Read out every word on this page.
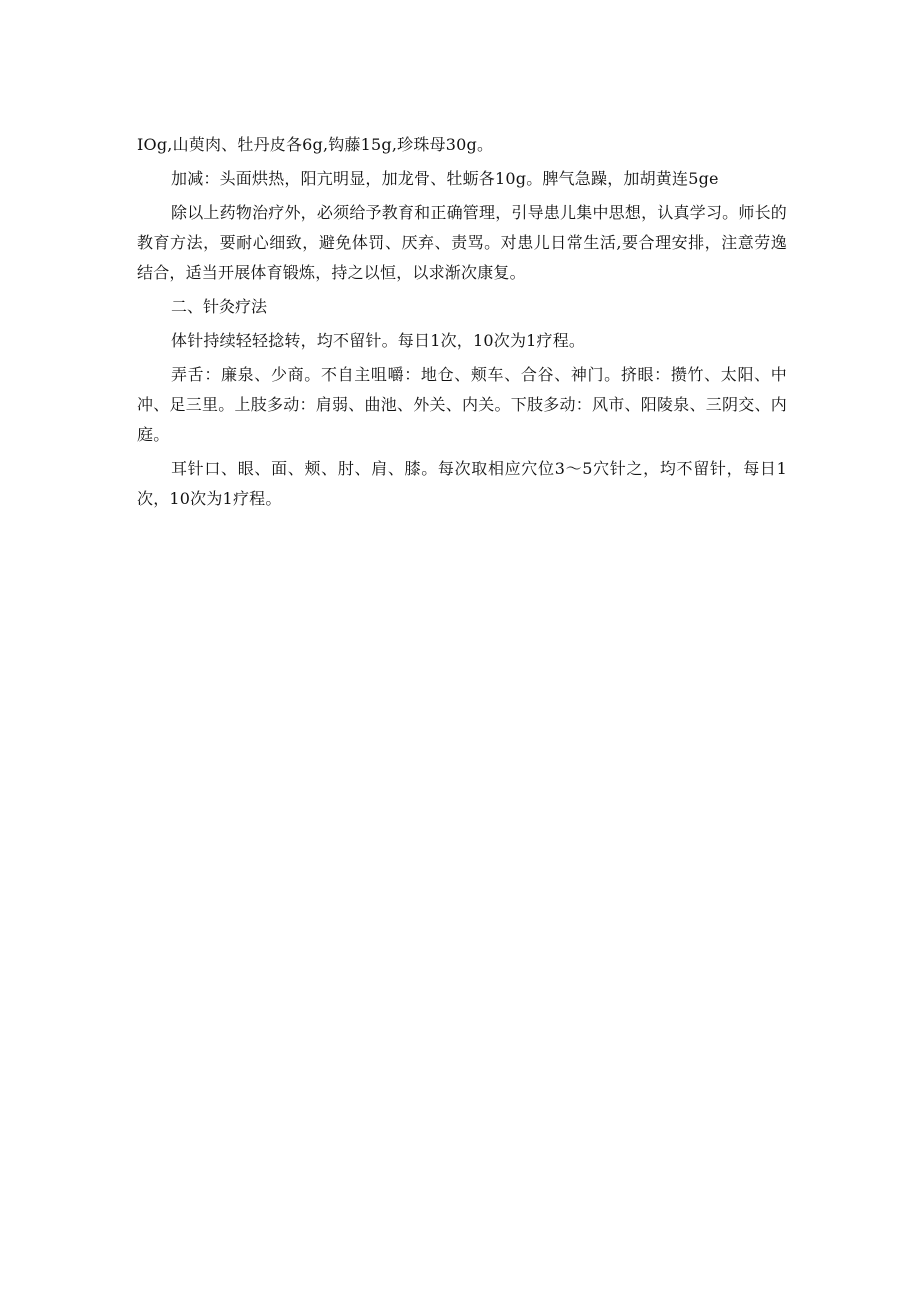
IOg,山萸肉、牡丹皮各6g,钩藤15g,珍珠母30g。

加减：头面烘热，阳亢明显，加龙骨、牡蛎各10g。脾气急躁，加胡黄连5ge

除以上药物治疗外，必须给予教育和正确管理，引导患儿集中思想，认真学习。师长的教育方法，要耐心细致，避免体罚、厌弃、责骂。对患儿日常生活,要合理安排，注意劳逸结合，适当开展体育锻炼，持之以恒，以求渐次康复。

二、针灸疗法

体针持续轻轻捻转，均不留针。每日1次，10次为1疗程。

弄舌：廉泉、少商。不自主咀嚼：地仓、颊车、合谷、神门。挤眼：攒竹、太阳、中冲、足三里。上肢多动：肩弱、曲池、外关、内关。下肢多动：风市、阳陵泉、三阴交、内庭。

耳针口、眼、面、颊、肘、肩、膝。每次取相应穴位3～5穴针之，均不留针，每日1次，10次为1疗程。
